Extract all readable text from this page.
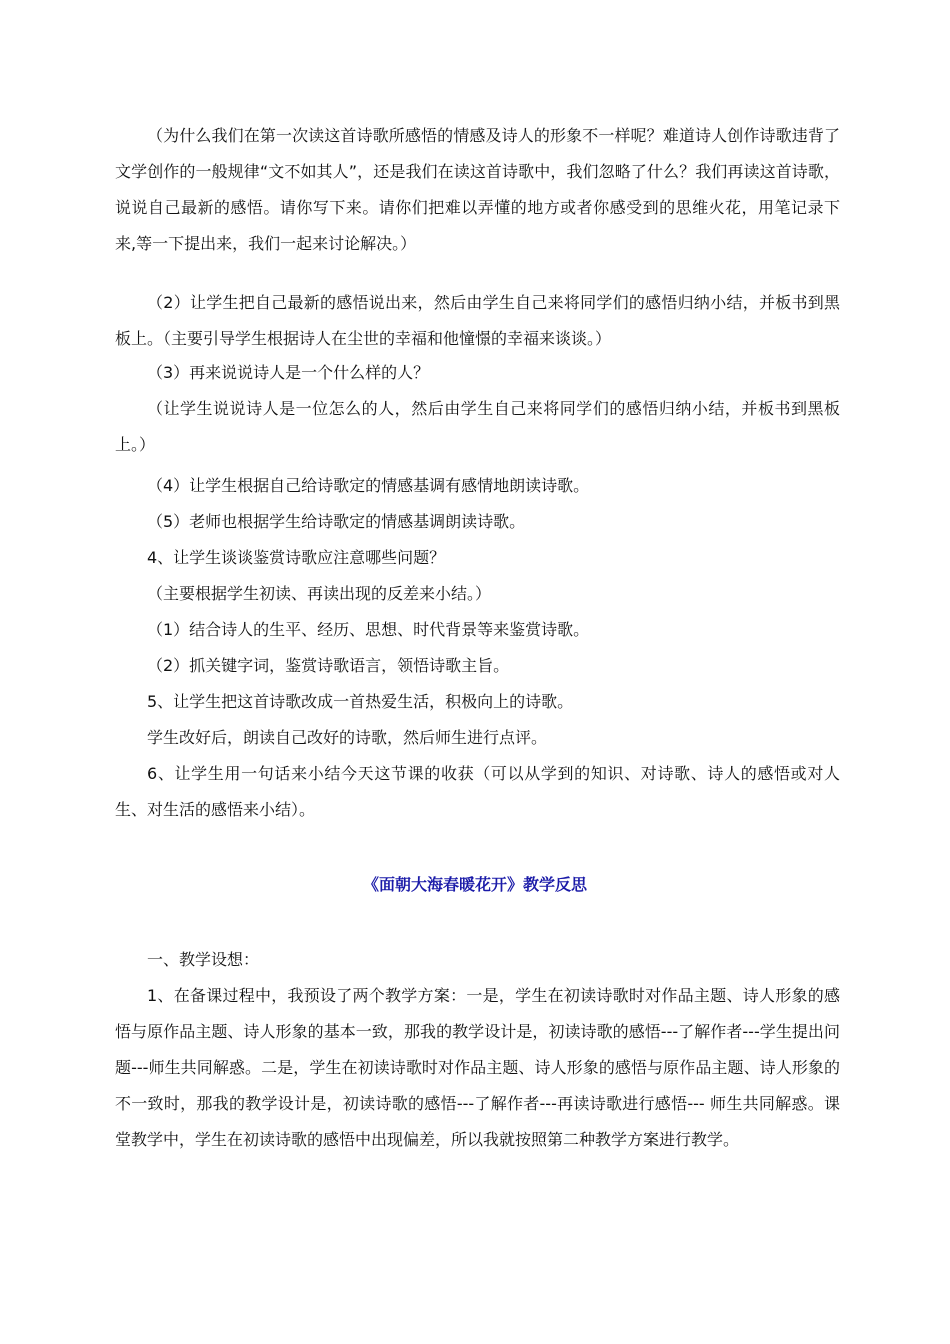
（为什么我们在第一次读这首诗歌所感悟的情感及诗人的形象不一样呢？难道诗人创作诗歌违背了文学创作的一般规律“文不如其人”，还是我们在读这首诗歌中，我们忽略了什么？我们再读这首诗歌，说说自己最新的感悟。请你写下来。请你们把难以弄懂的地方或者你感受到的思维火花，用笔记录下来,等一下提出来，我们一起来讨论解决。）

（2）让学生把自己最新的感悟说出来，然后由学生自己来将同学们的感悟归纳小结，并板书到黑板上。（主要引导学生根据诗人在尘世的幸福和他憧憬的幸福来谈谈。）

（3）再来说说诗人是一个什么样的人？

（让学生说说诗人是一位怎么的人，然后由学生自己来将同学们的感悟归纳小结，并板书到黑板上。）

（4）让学生根据自己给诗歌定的情感基调有感情地朗读诗歌。

（5）老师也根据学生给诗歌定的情感基调朗读诗歌。

4、让学生谈谈鉴赏诗歌应注意哪些问题？

（主要根据学生初读、再读出现的反差来小结。）

（1）结合诗人的生平、经历、思想、时代背景等来鉴赏诗歌。

（2）抓关键字词，鉴赏诗歌语言，领悟诗歌主旨。

5、让学生把这首诗歌改成一首热爱生活，积极向上的诗歌。

学生改好后，朗读自己改好的诗歌，然后师生进行点评。

6、让学生用一句话来小结今天这节课的收获（可以从学到的知识、对诗歌、诗人的感悟或对人生、对生活的感悟来小结）。

《面朝大海春暖花开》教学反思

一、教学设想：

1、在备课过程中，我预设了两个教学方案：一是，学生在初读诗歌时对作品主题、诗人形象的感悟与原作品主题、诗人形象的基本一致，那我的教学设计是，初读诗歌的感悟---了解作者---学生提出问题---师生共同解惑。二是，学生在初读诗歌时对作品主题、诗人形象的感悟与原作品主题、诗人形象的不一致时，那我的教学设计是，初读诗歌的感悟---了解作者---再读诗歌进行感悟--- 师生共同解惑。课堂教学中，学生在初读诗歌的感悟中出现偏差，所以我就按照第二种教学方案进行教学。
